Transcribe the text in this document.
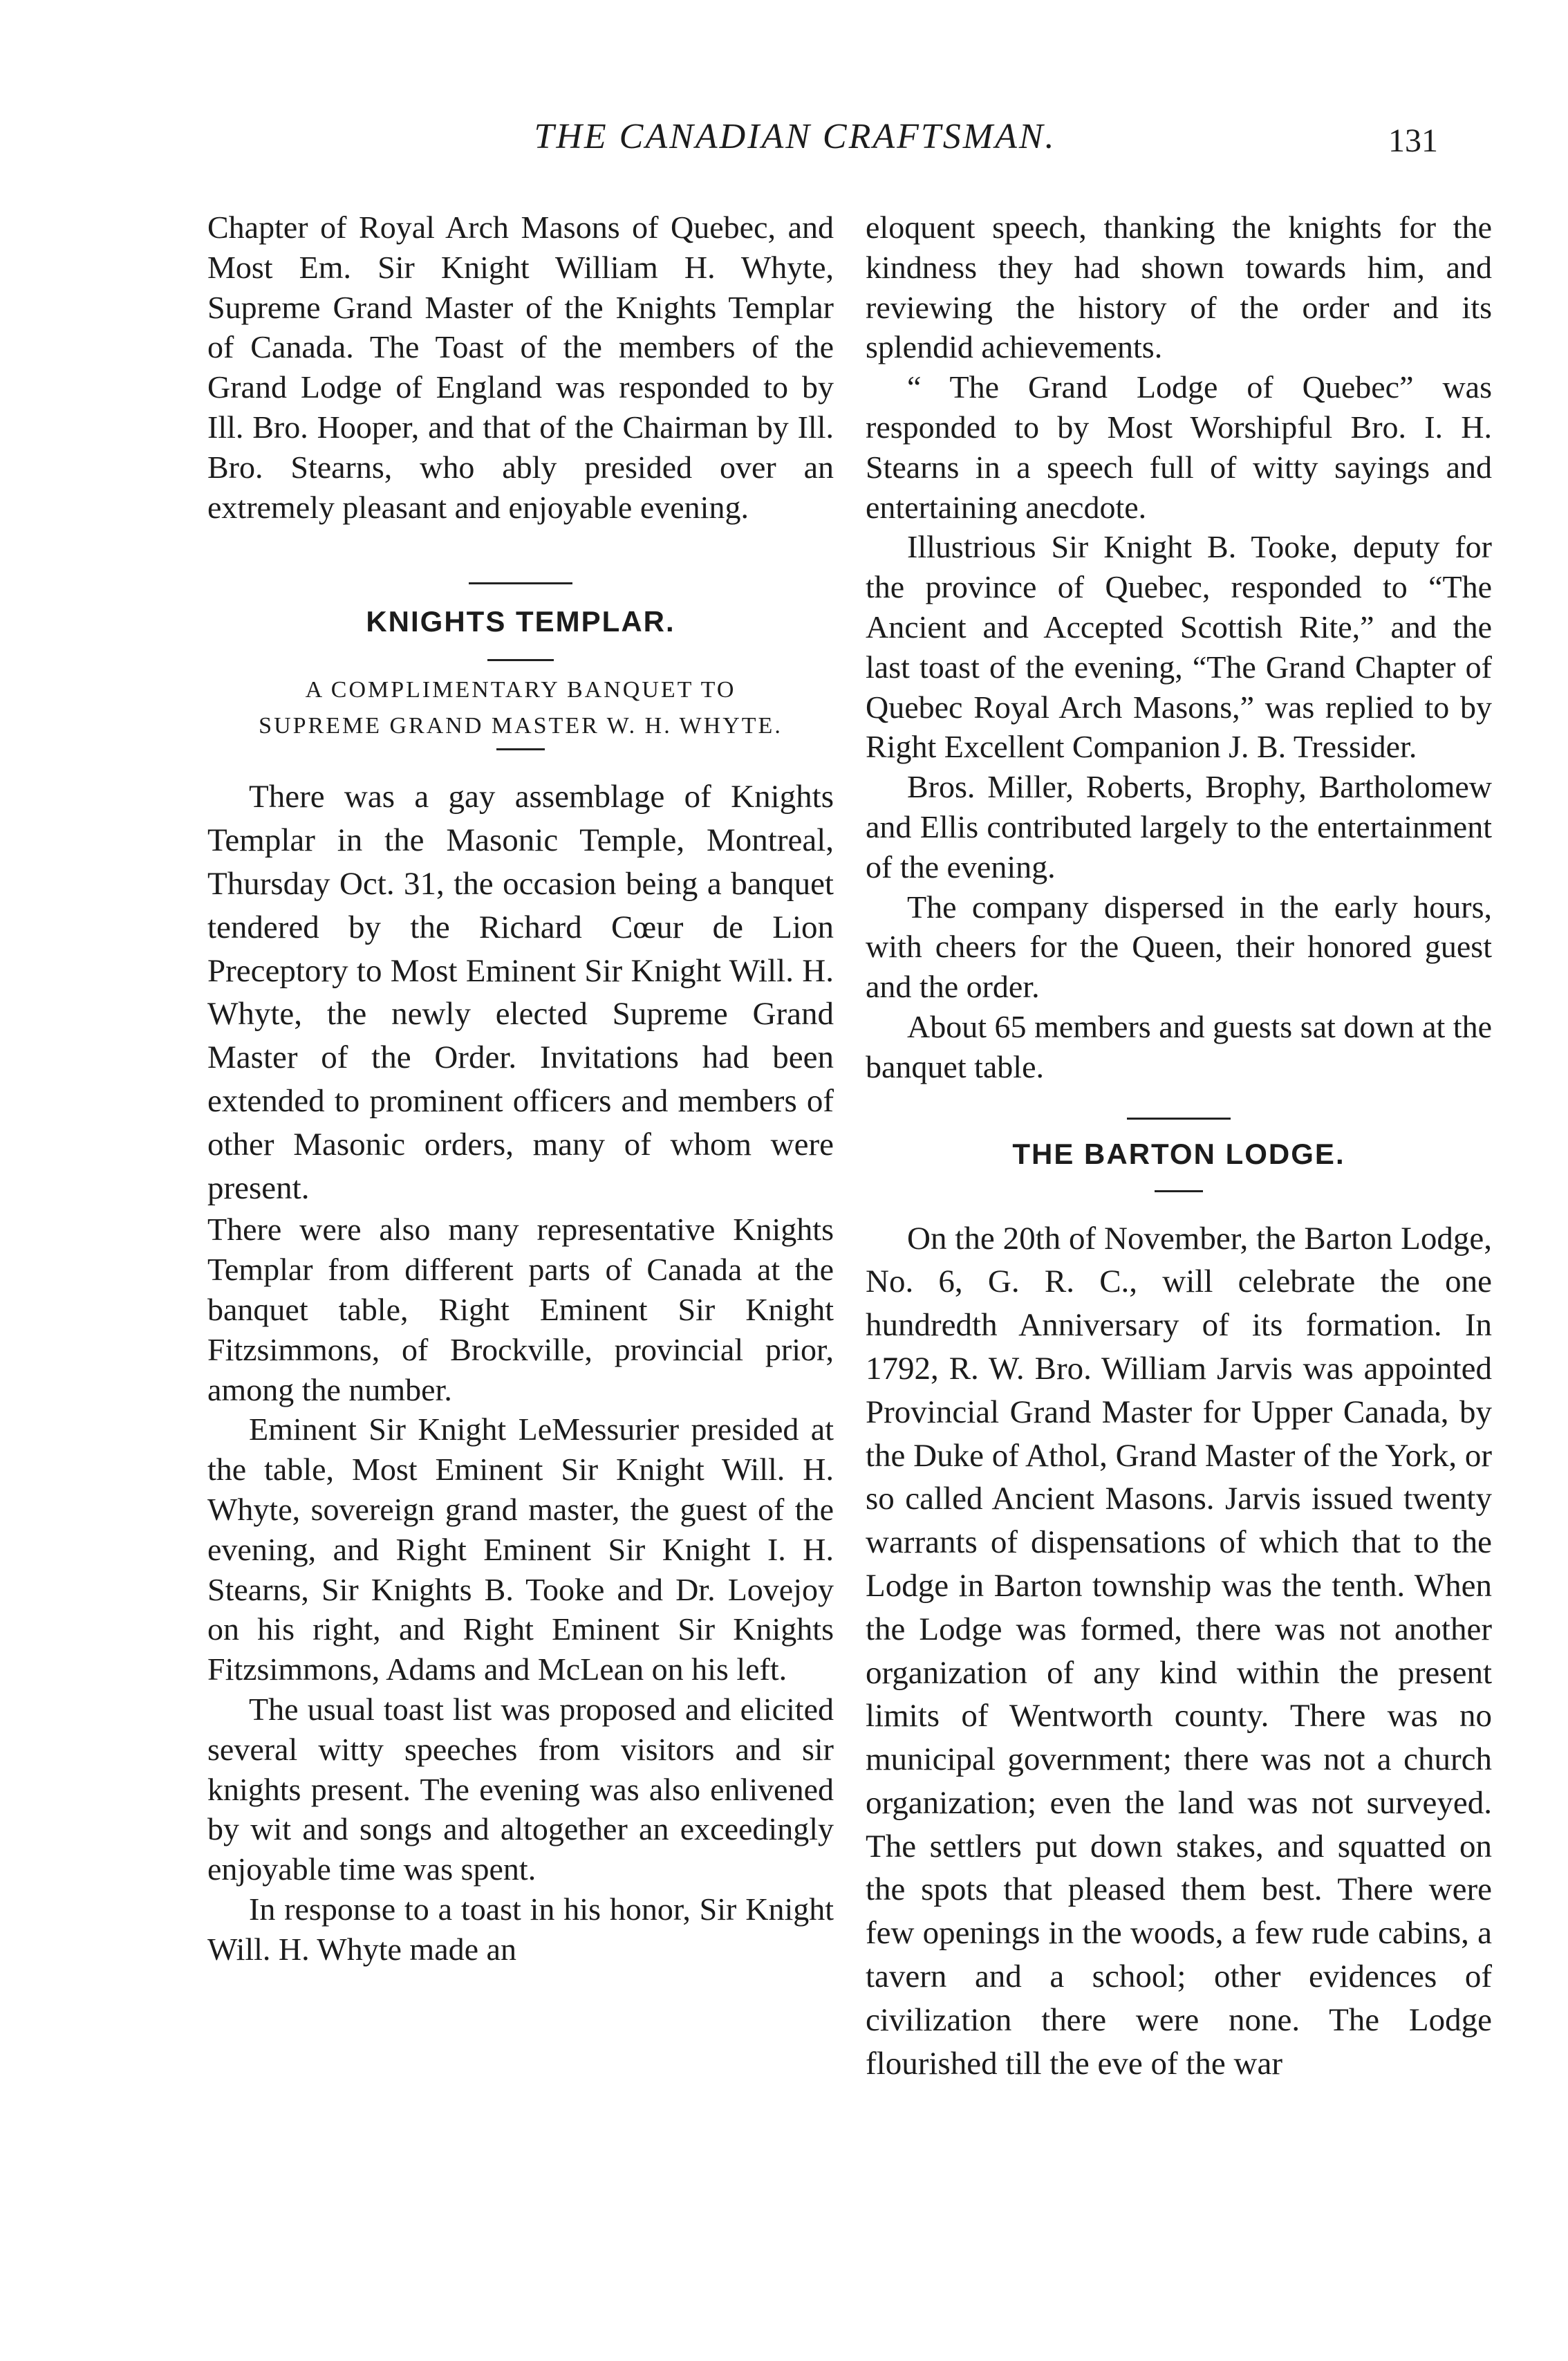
THE CANADIAN CRAFTSMAN.	131

Chapter of Royal Arch Masons of Quebec, and Most Em. Sir Knight William H. Whyte, Supreme Grand Master of the Knights Templar of Canada. The Toast of the members of the Grand Lodge of England was responded to by Ill. Bro. Hooper, and that of the Chairman by Ill. Bro. Stearns, who ably presided over an extremely pleasant and enjoyable evening.

KNIGHTS TEMPLAR.

A COMPLIMENTARY BANQUET TO SUPREME GRAND MASTER W. H. WHYTE.

There was a gay assemblage of Knights Templar in the Masonic Temple, Montreal, Thursday Oct. 31, the occasion being a banquet tendered by the Richard Cœur de Lion Preceptory to Most Eminent Sir Knight Will. H. Whyte, the newly elected Supreme Grand Master of the Order. Invitations had been extended to prominent officers and members of other Masonic orders, many of whom were present.

There were also many representative Knights Templar from different parts of Canada at the banquet table, Right Eminent Sir Knight Fitzsimmons, of Brockville, provincial prior, among the number.

Eminent Sir Knight LeMessurier presided at the table, Most Eminent Sir Knight Will. H. Whyte, sovereign grand master, the guest of the evening, and Right Eminent Sir Knight I. H. Stearns, Sir Knights B. Tooke and Dr. Lovejoy on his right, and Right Eminent Sir Knights Fitzsimmons, Adams and McLean on his left.

The usual toast list was proposed and elicited several witty speeches from visitors and sir knights present. The evening was also enlivened by wit and songs and altogether an exceedingly enjoyable time was spent.

In response to a toast in his honor, Sir Knight Will. H. Whyte made an

eloquent speech, thanking the knights for the kindness they had shown towards him, and reviewing the history of the order and its splendid achievements.

“ The Grand Lodge of Quebec” was responded to by Most Worshipful Bro. I. H. Stearns in a speech full of witty sayings and entertaining anecdote.

Illustrious Sir Knight B. Tooke, deputy for the province of Quebec, responded to “The Ancient and Accepted Scottish Rite,” and the last toast of the evening, “The Grand Chapter of Quebec Royal Arch Masons,” was replied to by Right Excellent Companion J. B. Tressider.

Bros. Miller, Roberts, Brophy, Bartholomew and Ellis contributed largely to the entertainment of the evening.

The company dispersed in the early hours, with cheers for the Queen, their honored guest and the order.

About 65 members and guests sat down at the banquet table.

THE BARTON LODGE.

On the 20th of November, the Barton Lodge, No. 6, G. R. C., will celebrate the one hundredth Anniversary of its formation. In 1792, R. W. Bro. William Jarvis was appointed Provincial Grand Master for Upper Canada, by the Duke of Athol, Grand Master of the York, or so called Ancient Masons. Jarvis issued twenty warrants of dispensations of which that to the Lodge in Barton township was the tenth. When the Lodge was formed, there was not another organization of any kind within the present limits of Wentworth county. There was no municipal government; there was not a church organization; even the land was not surveyed. The settlers put down stakes, and squatted on the spots that pleased them best. There were few openings in the woods, a few rude cabins, a tavern and a school; other evidences of civilization there were none. The Lodge flourished till the eve of the war
